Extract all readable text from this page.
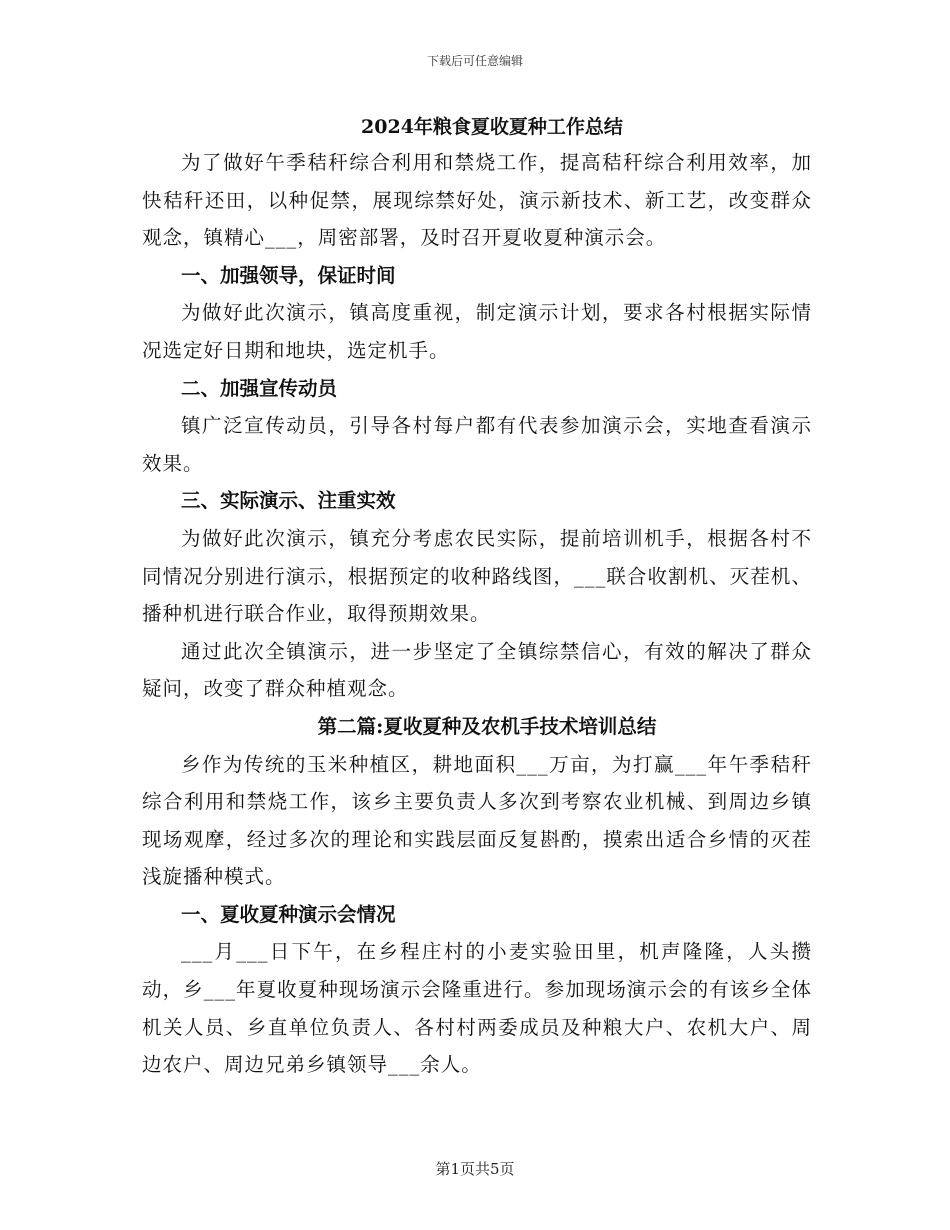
下载后可任意编辑
2024年粮食夏收夏种工作总结

为了做好午季秸秆综合利用和禁烧工作，提高秸秆综合利用效率，加快秸秆还田，以种促禁，展现综禁好处，演示新技术、新工艺，改变群众观念，镇精心___，周密部署，及时召开夏收夏种演示会。

一、加强领导，保证时间

为做好此次演示，镇高度重视，制定演示计划，要求各村根据实际情况选定好日期和地块，选定机手。

二、加强宣传动员

镇广泛宣传动员，引导各村每户都有代表参加演示会，实地查看演示效果。

三、实际演示、注重实效

为做好此次演示，镇充分考虑农民实际，提前培训机手，根据各村不同情况分别进行演示，根据预定的收种路线图，___联合收割机、灭茬机、播种机进行联合作业，取得预期效果。

通过此次全镇演示，进一步坚定了全镇综禁信心，有效的解决了群众疑问，改变了群众种植观念。

第二篇:夏收夏种及农机手技术培训总结

乡作为传统的玉米种植区，耕地面积___万亩，为打赢___年午季秸秆综合利用和禁烧工作，该乡主要负责人多次到考察农业机械、到周边乡镇现场观摩，经过多次的理论和实践层面反复斟酌，摸索出适合乡情的灭茬浅旋播种模式。

一、夏收夏种演示会情况

___月___日下午，在乡程庄村的小麦实验田里，机声隆隆，人头攒动，乡___年夏收夏种现场演示会隆重进行。参加现场演示会的有该乡全体机关人员、乡直单位负责人、各村村两委成员及种粮大户、农机大户、周边农户、周边兄弟乡镇领导___余人。

第1页共5页
